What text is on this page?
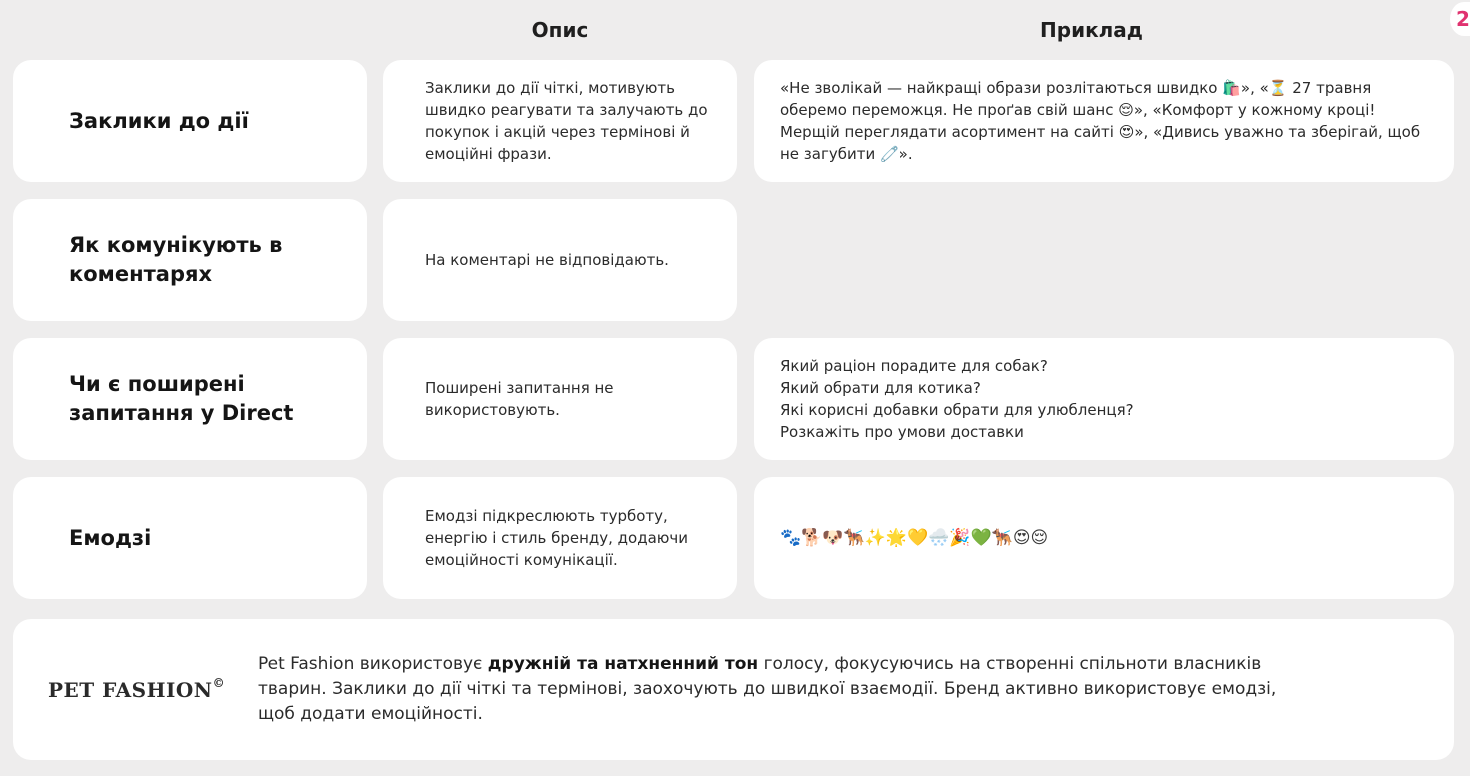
Опис	Приклад	2
Заклики до дії
Заклики до дії чіткі, мотивують швидко реагувати та залучають до покупок і акцій через термінові й емоційні фрази.
«Не зволікай — найкращі образи розлітаються швидко 🛍️», «⏳ 27 травня оберемо переможця. Не проґав свій шанс 😌», «Комфорт у кожному кроці! Мерщій переглядати асортимент на сайті 😍», «Дивись уважно та зберігай, щоб не загубити 🧷».
Як комунікують в коментарях
На коментарі не відповідають.
Чи є поширені запитання у Direct
Поширені запитання не використовують.
Який раціон порадите для собак?
Який обрати для котика?
Які корисні добавки обрати для улюбленця?
Розкажіть про умови доставки
Емодзі
Емодзі підкреслюють турботу, енергію і стиль бренду, додаючи емоційності комунікації.
🐾🐕🐶🐕‍🦺✨🌟💛🌨️🎉💚🐕‍🦺😍😌
PET FASHION©
Pet Fashion використовує дружній та натхненний тон голосу, фокусуючись на створенні спільноти власників тварин. Заклики до дії чіткі та термінові, заохочують до швидкої взаємодії. Бренд активно використовує емодзі, щоб додати емоційності.
